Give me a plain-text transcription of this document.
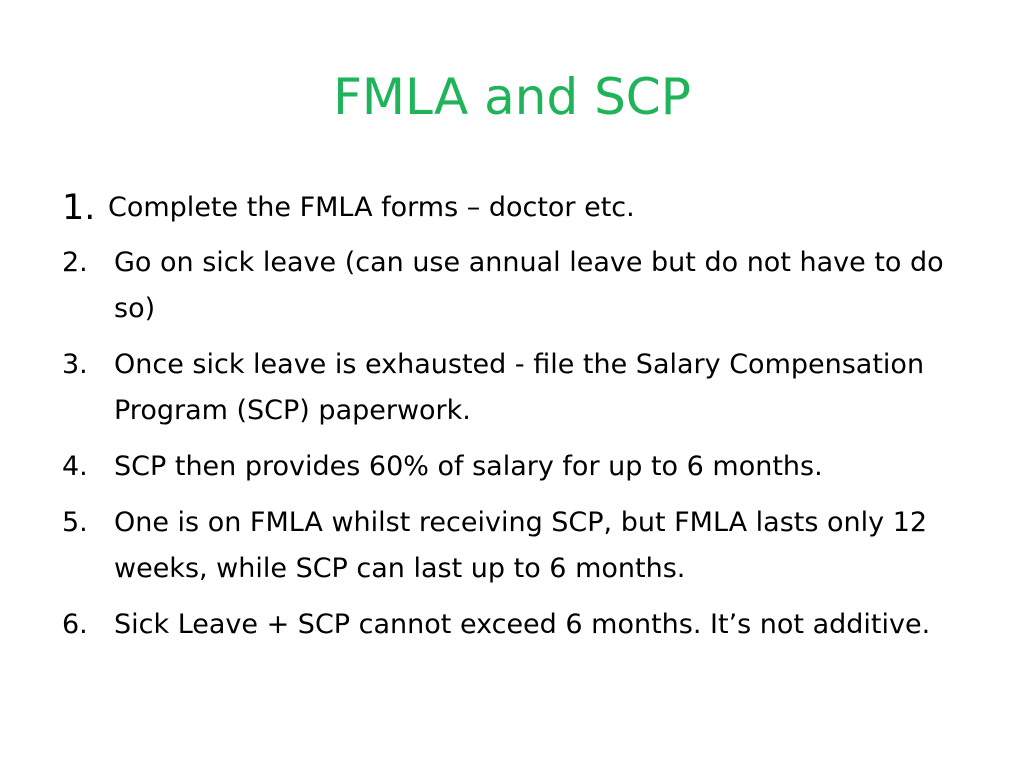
FMLA and SCP
1. Complete the FMLA forms – doctor etc.
2. Go on sick leave (can use annual leave but do not have to do so)
3. Once sick leave is exhausted - file the Salary Compensation Program (SCP) paperwork.
4. SCP then provides 60% of salary for up to 6 months.
5. One is on FMLA whilst receiving SCP, but FMLA lasts only 12 weeks, while SCP can last up to 6 months.
6. Sick Leave + SCP cannot exceed 6 months. It’s not additive.
